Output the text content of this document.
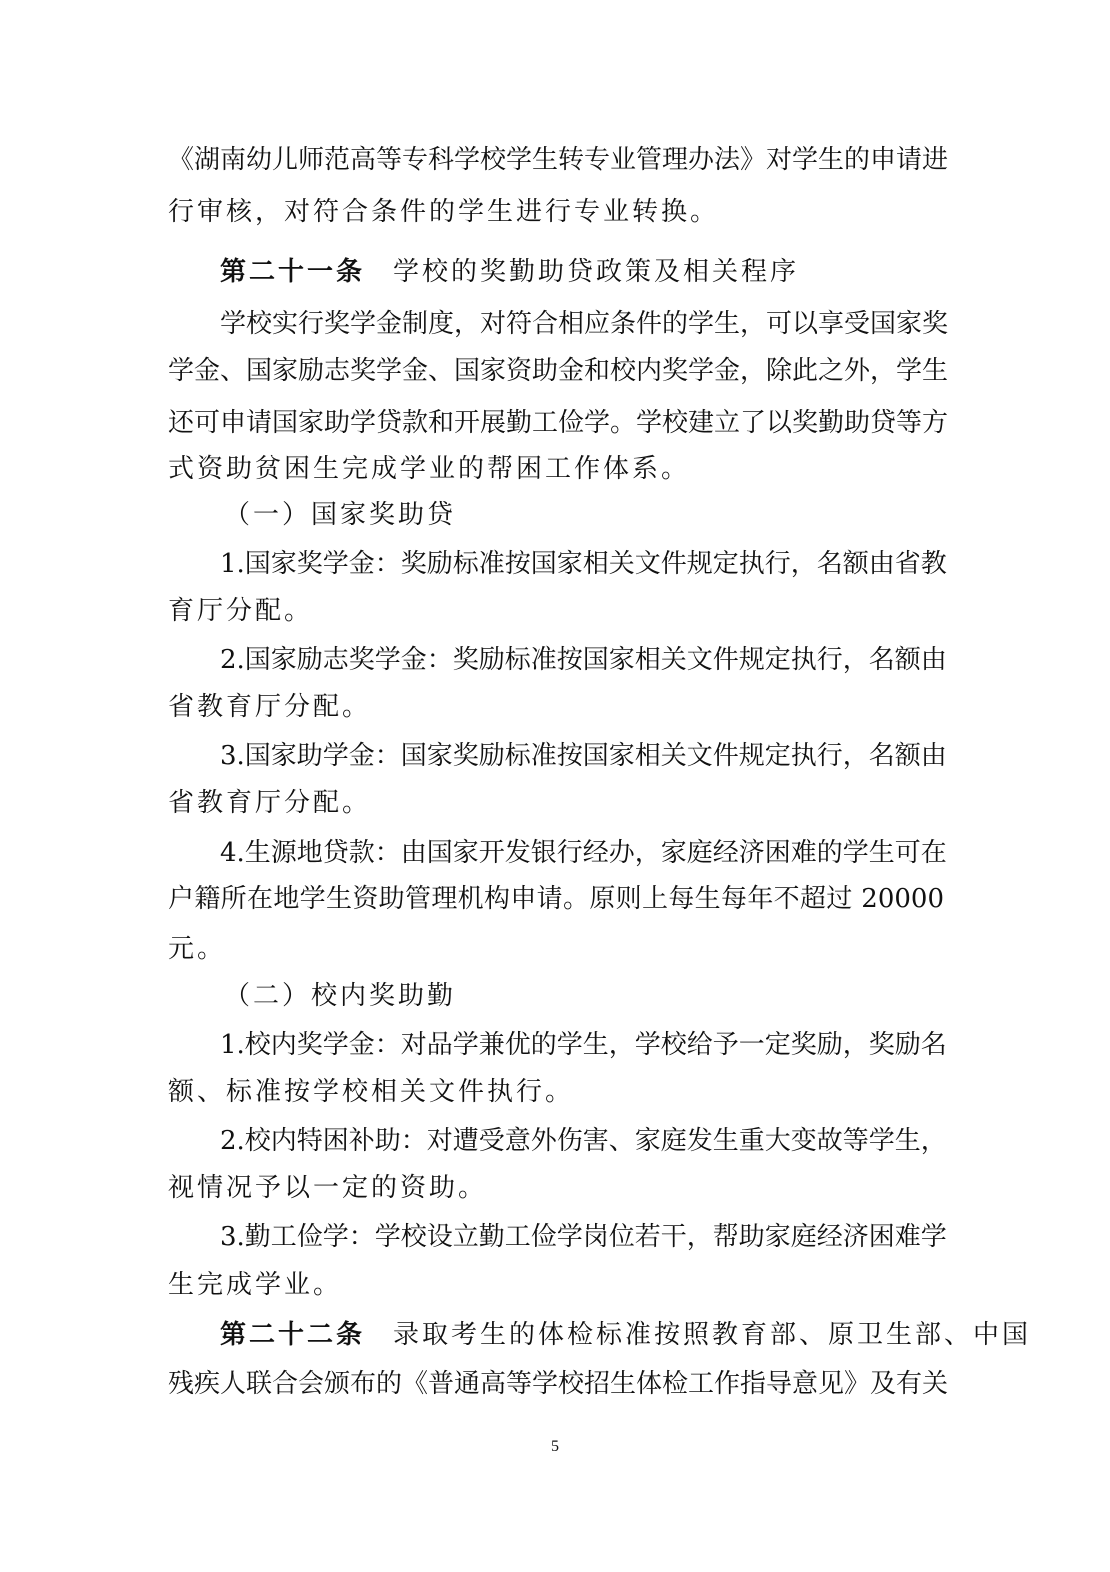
《湖南幼儿师范高等专科学校学生转专业管理办法》对学生的申请进
行审核，对符合条件的学生进行专业转换。
第二十一条 学校的奖勤助贷政策及相关程序
学校实行奖学金制度，对符合相应条件的学生，可以享受国家奖
学金、国家励志奖学金、国家资助金和校内奖学金，除此之外，学生
还可申请国家助学贷款和开展勤工俭学。学校建立了以奖勤助贷等方
式资助贫困生完成学业的帮困工作体系。
（一）国家奖助贷
1.国家奖学金：奖励标准按国家相关文件规定执行，名额由省教
育厅分配。
2.国家励志奖学金：奖励标准按国家相关文件规定执行，名额由
省教育厅分配。
3.国家助学金：国家奖励标准按国家相关文件规定执行，名额由
省教育厅分配。
4.生源地贷款：由国家开发银行经办，家庭经济困难的学生可在
户籍所在地学生资助管理机构申请。原则上每生每年不超过 20000
元。
（二）校内奖助勤
1.校内奖学金：对品学兼优的学生，学校给予一定奖励，奖励名
额、标准按学校相关文件执行。
2.校内特困补助：对遭受意外伤害、家庭发生重大变故等学生，
视情况予以一定的资助。
3.勤工俭学：学校设立勤工俭学岗位若干，帮助家庭经济困难学
生完成学业。
第二十二条 录取考生的体检标准按照教育部、原卫生部、中国
残疾人联合会颁布的《普通高等学校招生体检工作指导意见》及有关
5
